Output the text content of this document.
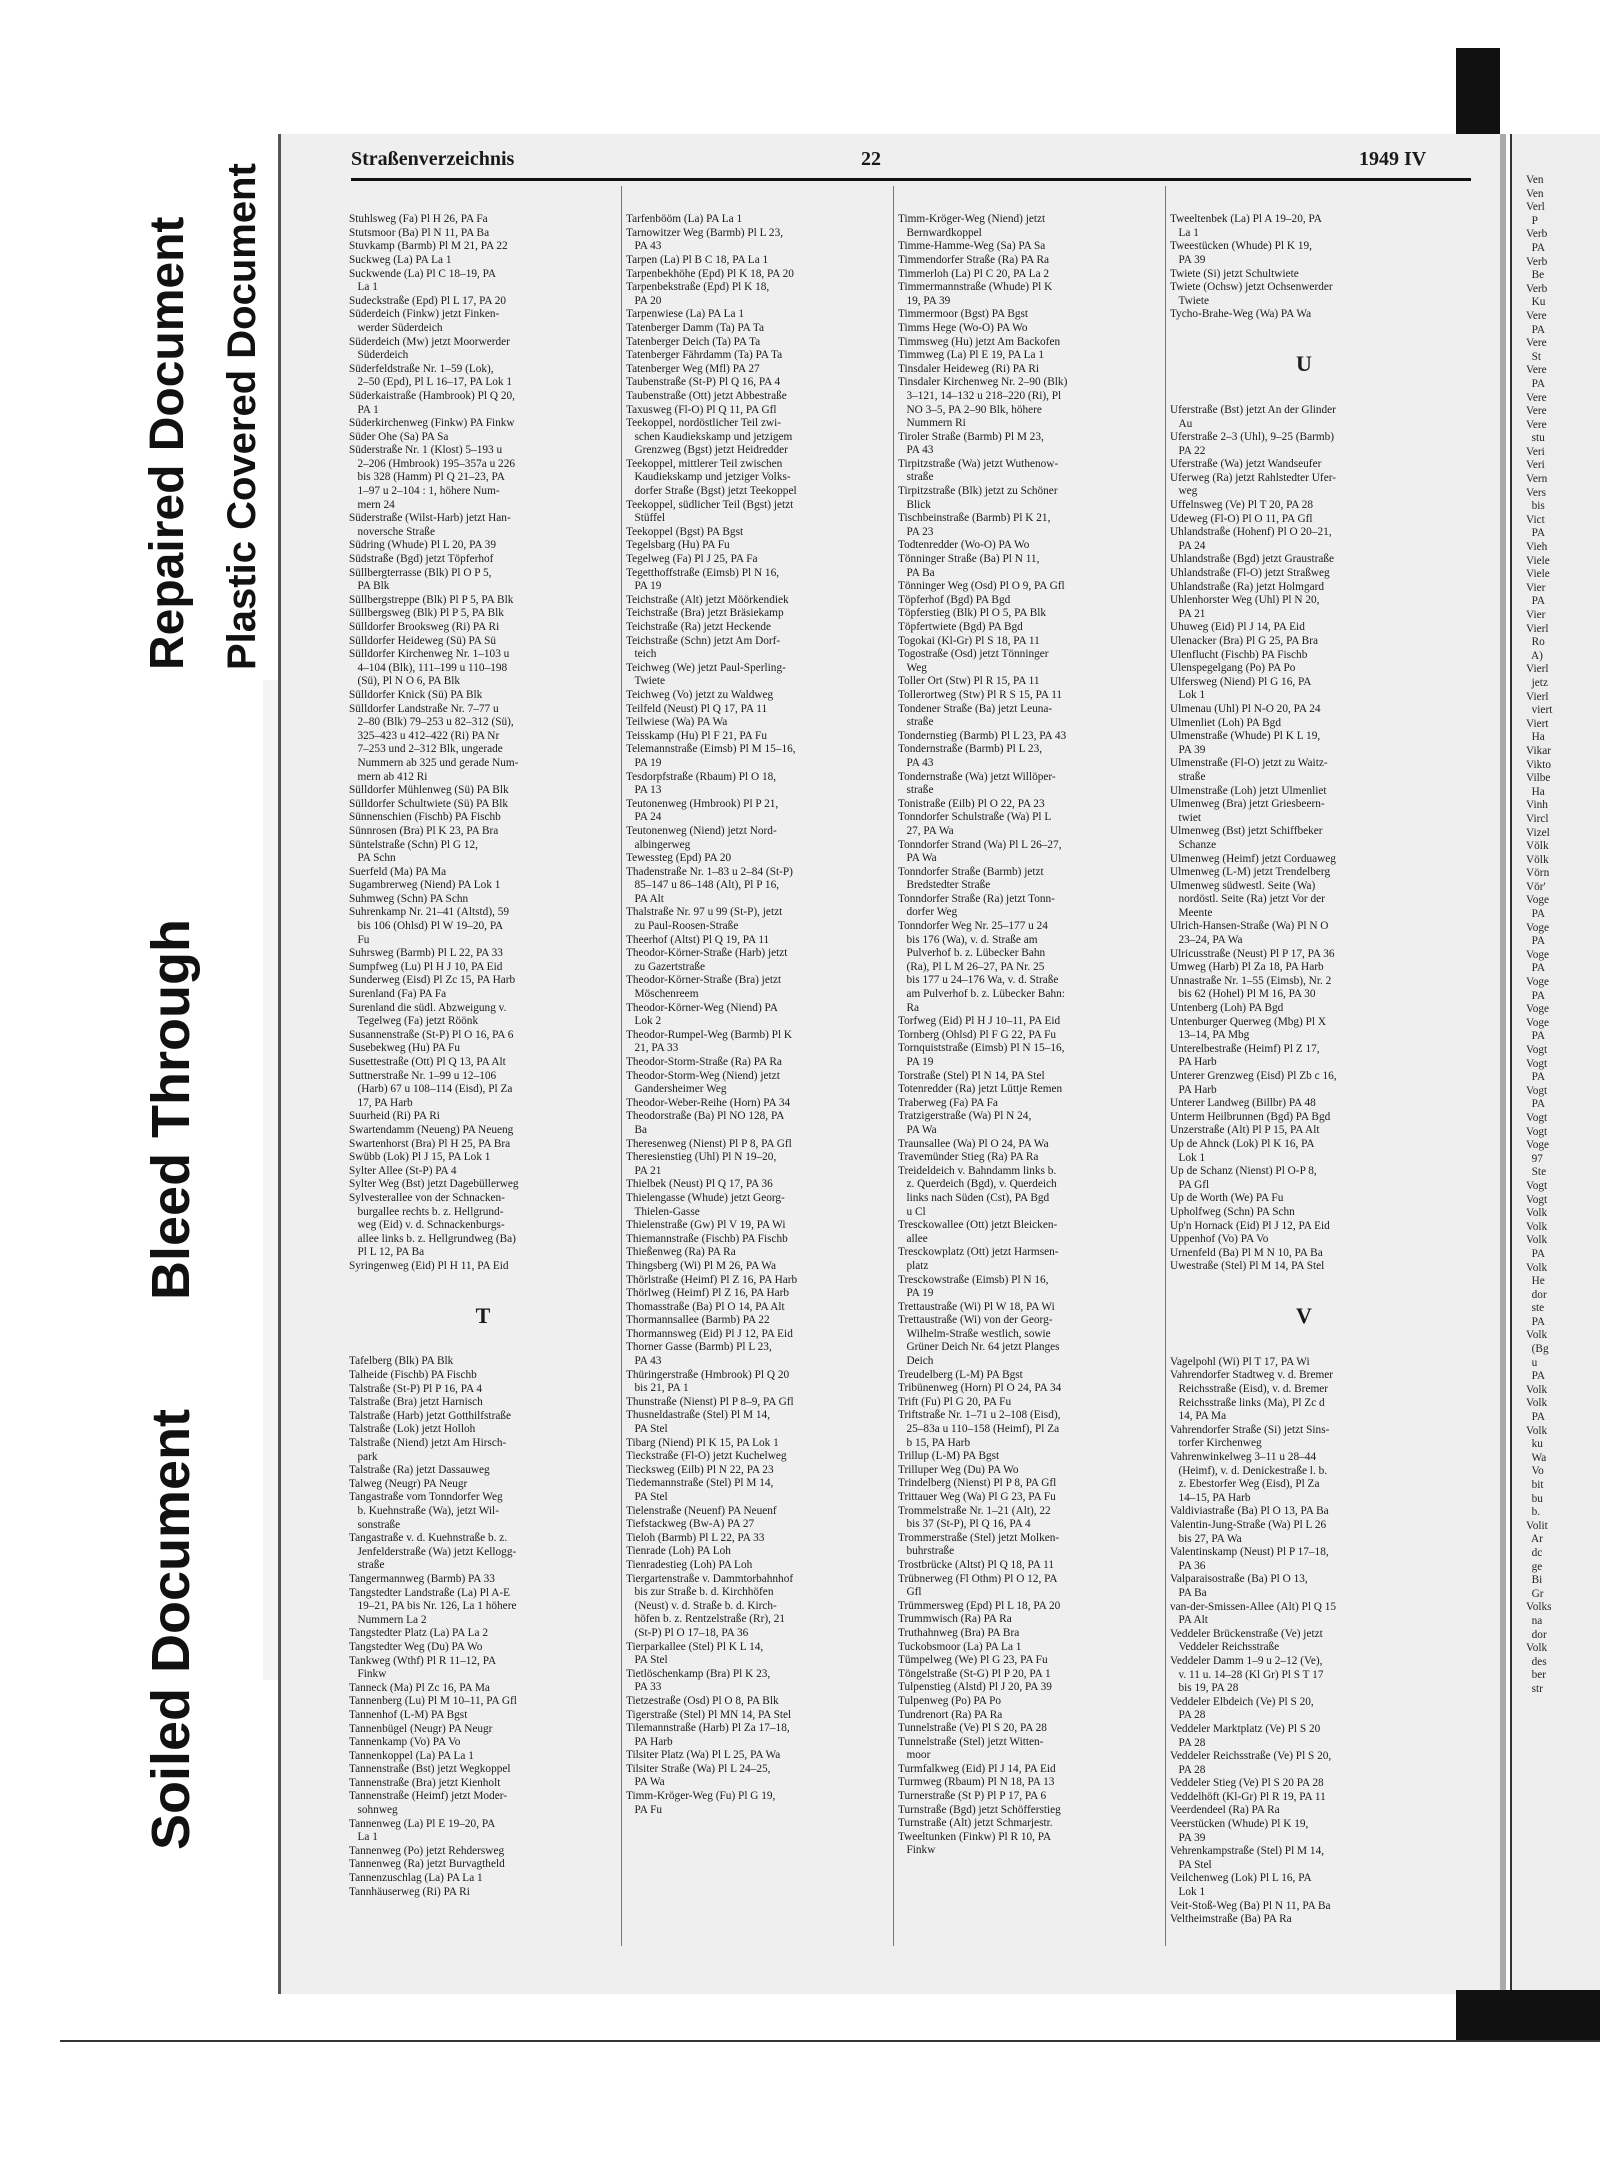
Bleed Through
Repaired Document Plastic Covered Document
Soiled Document
Straßenverzeichnis	22	1949 IV

Stuhlsweg (Fa) Pl H 26, PA Fa
Stutsmoor (Ba) Pl N 11, PA Ba
Stuvkamp (Barmb) Pl M 21, PA 22
Suckweg (La) PA La 1
Suckwende (La) Pl C 18–19, PA
La 1
Sudeckstraße (Epd) Pl L 17, PA 20
Süderdeich (Finkw) jetzt Finken-
werder Süderdeich
Süderdeich (Mw) jetzt Moorwerder
Süderdeich
Süderfeldstraße Nr. 1–59 (Lok),
2–50 (Epd), Pl L 16–17, PA Lok 1
Süderkaistraße (Hambrook) Pl Q 20,
PA 1
Süderkirchenweg (Finkw) PA Finkw
Süder Ohe (Sa) PA Sa
Süderstraße Nr. 1 (Klost) 5–193 u
2–206 (Hmbrook) 195–357a u 226
bis 328 (Hamm) Pl Q 21–23, PA
1–97 u 2–104 : 1, höhere Num-
mern 24
Süderstraße (Wilst-Harb) jetzt Han-
noversche Straße
Südring (Whude) Pl L 20, PA 39
Südstraße (Bgd) jetzt Töpferhof
Süllbergterrasse (Blk) Pl O P 5,
PA Blk
Süllbergstreppe (Blk) Pl P 5, PA Blk
Süllbergsweg (Blk) Pl P 5, PA Blk
Sülldorfer Brooksweg (Ri) PA Ri
Sülldorfer Heideweg (Sü) PA Sü
Sülldorfer Kirchenweg Nr. 1–103 u
4–104 (Blk), 111–199 u 110–198
(Sü), Pl N O 6, PA Blk
Sülldorfer Knick (Sü) PA Blk
Sülldorfer Landstraße Nr. 7–77 u
2–80 (Blk) 79–253 u 82–312 (Sü),
325–423 u 412–422 (Ri) PA Nr
7–253 und 2–312 Blk, ungerade
Nummern ab 325 und gerade Num-
mern ab 412 Ri
Sülldorfer Mühlenweg (Sü) PA Blk
Sülldorfer Schultwiete (Sü) PA Blk
Sünnenschien (Fischb) PA Fischb
Sünnrosen (Bra) Pl K 23, PA Bra
Süntelstraße (Schn) Pl G 12,
PA Schn
Suerfeld (Ma) PA Ma
Sugambrerweg (Niend) PA Lok 1
Suhmweg (Schn) PA Schn
Suhrenkamp Nr. 21–41 (Altstd), 59
bis 106 (Ohlsd) Pl W 19–20, PA
Fu
Suhrsweg (Barmb) Pl L 22, PA 33
Sumpfweg (Lu) Pl H J 10, PA Eid
Sunderweg (Eisd) Pl Zc 15, PA Harb
Surenland (Fa) PA Fa
Surenland die südl. Abzweigung v.
Tegelweg (Fa) jetzt Röönk
Susannenstraße (St-P) Pl O 16, PA 6
Susebekweg (Hu) PA Fu
Susettestraße (Ott) Pl Q 13, PA Alt
Suttnerstraße Nr. 1–99 u 12–106
(Harb) 67 u 108–114 (Eisd), Pl Za
17, PA Harb
Suurheid (Ri) PA Ri
Swartendamm (Neueng) PA Neueng
Swartenhorst (Bra) Pl H 25, PA Bra
Swübb (Lok) Pl J 15, PA Lok 1
Sylter Allee (St-P) PA 4
Sylter Weg (Bst) jetzt Dagebüllerweg
Sylvesterallee von der Schnacken-
burgallee rechts b. z. Hellgrund-
weg (Eid) v. d. Schnackenburgs-
allee links b. z. Hellgrundweg (Ba)
Pl L 12, PA Ba
Syringenweg (Eid) Pl H 11, PA Eid

T

Tafelberg (Blk) PA Blk
Talheide (Fischb) PA Fischb
Talstraße (St-P) Pl P 16, PA 4
Talstraße (Bra) jetzt Harnisch
Talstraße (Harb) jetzt Gotthilfstraße
Talstraße (Lok) jetzt Holloh
Talstraße (Niend) jetzt Am Hirsch-
park
Talstraße (Ra) jetzt Dassauweg
Talweg (Neugr) PA Neugr
Tangastraße vom Tonndorfer Weg
b. Kuehnstraße (Wa), jetzt Wil-
sonstraße
Tangastraße v. d. Kuehnstraße b. z.
Jenfelderstraße (Wa) jetzt Kellogg-
straße
Tangermannweg (Barmb) PA 33
Tangstedter Landstraße (La) Pl A-E
19–21, PA bis Nr. 126, La 1 höhere
Nummern La 2
Tangstedter Platz (La) PA La 2
Tangstedter Weg (Du) PA Wo
Tankweg (Wthf) Pl R 11–12, PA
Finkw
Tanneck (Ma) Pl Zc 16, PA Ma
Tannenberg (Lu) Pl M 10–11, PA Gfl
Tannenhof (L-M) PA Bgst
Tannenbügel (Neugr) PA Neugr
Tannenkamp (Vo) PA Vo
Tannenkoppel (La) PA La 1
Tannenstraße (Bst) jetzt Wegkoppel
Tannenstraße (Bra) jetzt Kienholt
Tannenstraße (Heimf) jetzt Moder-
sohnweg
Tannenweg (La) Pl E 19–20, PA
La 1
Tannenweg (Po) jetzt Rehdersweg
Tannenweg (Ra) jetzt Burvagtheld
Tannenzuschlag (La) PA La 1
Tannhäuserweg (Ri) PA Ri

Tarfenbööm (La) PA La 1
Tarnowitzer Weg (Barmb) Pl L 23,
PA 43
Tarpen (La) Pl B C 18, PA La 1
Tarpenbekhöhe (Epd) Pl K 18, PA 20
Tarpenbekstraße (Epd) Pl K 18,
PA 20
Tarpenwiese (La) PA La 1
Tatenberger Damm (Ta) PA Ta
Tatenberger Deich (Ta) PA Ta
Tatenberger Fährdamm (Ta) PA Ta
Tatenberger Weg (Mfl) PA 27
Taubenstraße (St-P) Pl Q 16, PA 4
Taubenstraße (Ott) jetzt Abbestraße
Taxusweg (Fl-O) Pl Q 11, PA Gfl
Teekoppel, nordöstlicher Teil zwi-
schen Kaudiekskamp und jetzigem
Grenzweg (Bgst) jetzt Heidredder
Teekoppel, mittlerer Teil zwischen
Kaudiekskamp und jetziger Volks-
dorfer Straße (Bgst) jetzt Teekoppel
Teekoppel, südlicher Teil (Bgst) jetzt
Stüffel
Teekoppel (Bgst) PA Bgst
Tegelsbarg (Hu) PA Fu
Tegelweg (Fa) Pl J 25, PA Fa
Tegetthoffstraße (Eimsb) Pl N 16,
PA 19
Teichstraße (Alt) jetzt Möörkendiek
Teichstraße (Bra) jetzt Bräsiekamp
Teichstraße (Ra) jetzt Heckende
Teichstraße (Schn) jetzt Am Dorf-
teich
Teichweg (We) jetzt Paul-Sperling-
Twiete
Teichweg (Vo) jetzt zu Waldweg
Teilfeld (Neust) Pl Q 17, PA 11
Teilwiese (Wa) PA Wa
Teisskamp (Hu) Pl F 21, PA Fu
Telemannstraße (Eimsb) Pl M 15–16,
PA 19
Tesdorpfstraße (Rbaum) Pl O 18,
PA 13
Teutonenweg (Hmbrook) Pl P 21,
PA 24
Teutonenweg (Niend) jetzt Nord-
albingerweg
Tewessteg (Epd) PA 20
Thadenstraße Nr. 1–83 u 2–84 (St-P)
85–147 u 86–148 (Alt), Pl P 16,
PA Alt
Thalstraße Nr. 97 u 99 (St-P), jetzt
zu Paul-Roosen-Straße
Theerhof (Altst) Pl Q 19, PA 11
Theodor-Körner-Straße (Harb) jetzt
zu Gazertstraße
Theodor-Körner-Straße (Bra) jetzt
Möschenreem
Theodor-Körner-Weg (Niend) PA
Lok 2
Theodor-Rumpel-Weg (Barmb) Pl K
21, PA 33
Theodor-Storm-Straße (Ra) PA Ra
Theodor-Storm-Weg (Niend) jetzt
Gandersheimer Weg
Theodor-Weber-Reihe (Horn) PA 34
Theodorstraße (Ba) Pl NO 128, PA
Ba
Theresenweg (Nienst) Pl P 8, PA Gfl
Theresienstieg (Uhl) Pl N 19–20,
PA 21
Thielbek (Neust) Pl Q 17, PA 36
Thielengasse (Whude) jetzt Georg-
Thielen-Gasse
Thielenstraße (Gw) Pl V 19, PA Wi
Thiemannstraße (Fischb) PA Fischb
Thießenweg (Ra) PA Ra
Thingsberg (Wi) Pl M 26, PA Wa
Thörlstraße (Heimf) Pl Z 16, PA Harb
Thörlweg (Heimf) Pl Z 16, PA Harb
Thomasstraße (Ba) Pl O 14, PA Alt
Thormannsallee (Barmb) PA 22
Thormannsweg (Eid) Pl J 12, PA Eid
Thorner Gasse (Barmb) Pl L 23,
PA 43
Thüringerstraße (Hmbrook) Pl Q 20
bis 21, PA 1
Thunstraße (Nienst) Pl P 8–9, PA Gfl
Thusneldastraße (Stel) Pl M 14,
PA Stel
Tibarg (Niend) Pl K 15, PA Lok 1
Tieckstraße (Fl-O) jetzt Kuchelweg
Tiecksweg (Eilb) Pl N 22, PA 23
Tiedemannstraße (Stel) Pl M 14,
PA Stel
Tielenstraße (Neuenf) PA Neuenf
Tiefstackweg (Bw-A) PA 27
Tieloh (Barmb) Pl L 22, PA 33
Tienrade (Loh) PA Loh
Tienradestieg (Loh) PA Loh
Tiergartenstraße v. Dammtorbahnhof
bis zur Straße b. d. Kirchhöfen
(Neust) v. d. Straße b. d. Kirch-
höfen b. z. Rentzelstraße (Rr), 21
(St-P) Pl O 17–18, PA 36
Tierparkallee (Stel) Pl K L 14,
PA Stel
Tietlöschenkamp (Bra) Pl K 23,
PA 33
Tietzestraße (Osd) Pl O 8, PA Blk
Tigerstraße (Stel) Pl MN 14, PA Stel
Tilemannstraße (Harb) Pl Za 17–18,
PA Harb
Tilsiter Platz (Wa) Pl L 25, PA Wa
Tilsiter Straße (Wa) Pl L 24–25,
PA Wa
Timm-Kröger-Weg (Fu) Pl G 19,
PA Fu

Timm-Kröger-Weg (Niend) jetzt
Bernwardkoppel
Timme-Hamme-Weg (Sa) PA Sa
Timmendorfer Straße (Ra) PA Ra
Timmerloh (La) Pl C 20, PA La 2
Timmermannstraße (Whude) Pl K
19, PA 39
Timmermoor (Bgst) PA Bgst
Timms Hege (Wo-O) PA Wo
Timmsweg (Hu) jetzt Am Backofen
Timmweg (La) Pl E 19, PA La 1
Tinsdaler Heideweg (Ri) PA Ri
Tinsdaler Kirchenweg Nr. 2–90 (Blk)
3–121, 14–132 u 218–220 (Ri), Pl
NO 3–5, PA 2–90 Blk, höhere
Nummern Ri
Tiroler Straße (Barmb) Pl M 23,
PA 43
Tirpitzstraße (Wa) jetzt Wuthenow-
straße
Tirpitzstraße (Blk) jetzt zu Schöner
Blick
Tischbeinstraße (Barmb) Pl K 21,
PA 23
Todtenredder (Wo-O) PA Wo
Tönninger Straße (Ba) Pl N 11,
PA Ba
Tönninger Weg (Osd) Pl O 9, PA Gfl
Töpferhof (Bgd) PA Bgd
Töpferstieg (Blk) Pl O 5, PA Blk
Töpfertwiete (Bgd) PA Bgd
Togokai (Kl-Gr) Pl S 18, PA 11
Togostraße (Osd) jetzt Tönninger
Weg
Toller Ort (Stw) Pl R 15, PA 11
Tollerortweg (Stw) Pl R S 15, PA 11
Tondener Straße (Ba) jetzt Leuna-
straße
Tondernstieg (Barmb) Pl L 23, PA 43
Tondernstraße (Barmb) Pl L 23,
PA 43
Tondernstraße (Wa) jetzt Willöper-
straße
Tonistraße (Eilb) Pl O 22, PA 23
Tonndorfer Schulstraße (Wa) Pl L
27, PA Wa
Tonndorfer Strand (Wa) Pl L 26–27,
PA Wa
Tonndorfer Straße (Barmb) jetzt
Bredstedter Straße
Tonndorfer Straße (Ra) jetzt Tonn-
dorfer Weg
Tonndorfer Weg Nr. 25–177 u 24
bis 176 (Wa), v. d. Straße am
Pulverhof b. z. Lübecker Bahn
(Ra), Pl L M 26–27, PA Nr. 25
bis 177 u 24–176 Wa, v. d. Straße
am Pulverhof b. z. Lübecker Bahn:
Ra
Torfweg (Eid) Pl H J 10–11, PA Eid
Tornberg (Ohlsd) Pl F G 22, PA Fu
Tornquiststraße (Eimsb) Pl N 15–16,
PA 19
Torstraße (Stel) Pl N 14, PA Stel
Totenredder (Ra) jetzt Lüttje Remen
Traberweg (Fa) PA Fa
Tratzigerstraße (Wa) Pl N 24,
PA Wa
Traunsallee (Wa) Pl O 24, PA Wa
Travemünder Stieg (Ra) PA Ra
Treideldeich v. Bahndamm links b.
z. Querdeich (Bgd), v. Querdeich
links nach Süden (Cst), PA Bgd
u Cl
Tresckowallee (Ott) jetzt Bleicken-
allee
Tresckowplatz (Ott) jetzt Harmsen-
platz
Tresckowstraße (Eimsb) Pl N 16,
PA 19
Trettaustraße (Wi) Pl W 18, PA Wi
Trettaustraße (Wi) von der Georg-
Wilhelm-Straße westlich, sowie
Grüner Deich Nr. 64 jetzt Planges
Deich
Treudelberg (L-M) PA Bgst
Tribünenweg (Horn) Pl O 24, PA 34
Trift (Fu) Pl G 20, PA Fu
Triftstraße Nr. 1–71 u 2–108 (Eisd),
25–83a u 110–158 (Heimf), Pl Za
b 15, PA Harb
Trillup (L-M) PA Bgst
Trilluper Weg (Du) PA Wo
Trindelberg (Nienst) Pl P 8, PA Gfl
Trittauer Weg (Wa) Pl G 23, PA Fu
Trommelstraße Nr. 1–21 (Alt), 22
bis 37 (St-P), Pl Q 16, PA 4
Trommerstraße (Stel) jetzt Molken-
buhrstraße
Trostbrücke (Altst) Pl Q 18, PA 11
Trübnerweg (Fl Othm) Pl O 12, PA
Gfl
Trümmersweg (Epd) Pl L 18, PA 20
Trummwisch (Ra) PA Ra
Truthahnweg (Bra) PA Bra
Tuckobsmoor (La) PA La 1
Tümpelweg (We) Pl G 23, PA Fu
Töngelstraße (St-G) Pl P 20, PA 1
Tulpenstieg (Alstd) Pl J 20, PA 39
Tulpenweg (Po) PA Po
Tundrenort (Ra) PA Ra
Tunnelstraße (Ve) Pl S 20, PA 28
Tunnelstraße (Stel) jetzt Witten-
moor
Turmfalkweg (Eid) Pl J 14, PA Eid
Turmweg (Rbaum) Pl N 18, PA 13
Turnerstraße (St P) Pl P 17, PA 6
Turnstraße (Bgd) jetzt Schöfferstieg
Turnstraße (Alt) jetzt Schmarjestr.
Tweeltunken (Finkw) Pl R 10, PA
Finkw

Tweeltenbek (La) Pl A 19–20, PA
La 1
Tweestücken (Whude) Pl K 19,
PA 39
Twiete (Si) jetzt Schultwiete
Twiete (Ochsw) jetzt Ochsenwerder
Twiete
Tycho-Brahe-Weg (Wa) PA Wa

U

Uferstraße (Bst) jetzt An der Glinder
Au
Uferstraße 2–3 (Uhl), 9–25 (Barmb)
PA 22
Uferstraße (Wa) jetzt Wandseufer
Uferweg (Ra) jetzt Rahlstedter Ufer-
weg
Uffelnsweg (Ve) Pl T 20, PA 28
Udeweg (Fl-O) Pl O 11, PA Gfl
Uhlandstraße (Hohenf) Pl O 20–21,
PA 24
Uhlandstraße (Bgd) jetzt Graustraße
Uhlandstraße (Fl-O) jetzt Straßweg
Uhlandstraße (Ra) jetzt Holmgard
Uhlenhorster Weg (Uhl) Pl N 20,
PA 21
Uhuweg (Eid) Pl J 14, PA Eid
Ulenacker (Bra) Pl G 25, PA Bra
Ulenflucht (Fischb) PA Fischb
Ulenspegelgang (Po) PA Po
Ulfersweg (Niend) Pl G 16, PA
Lok 1
Ulmenau (Uhl) Pl N-O 20, PA 24
Ulmenliet (Loh) PA Bgd
Ulmenstraße (Whude) Pl K L 19,
PA 39
Ulmenstraße (Fl-O) jetzt zu Waitz-
straße
Ulmenstraße (Loh) jetzt Ulmenliet
Ulmenweg (Bra) jetzt Griesbeern-
twiet
Ulmenweg (Bst) jetzt Schiffbeker
Schanze
Ulmenweg (Heimf) jetzt Corduaweg
Ulmenweg (L-M) jetzt Trendelberg
Ulmenweg südwestl. Seite (Wa)
nordöstl. Seite (Ra) jetzt Vor der
Meente
Ulrich-Hansen-Straße (Wa) Pl N O
23–24, PA Wa
Ulricusstraße (Neust) Pl P 17, PA 36
Umweg (Harb) Pl Za 18, PA Harb
Unnastraße Nr. 1–55 (Eimsb), Nr. 2
bis 62 (Hohel) Pl M 16, PA 30
Untenberg (Loh) PA Bgd
Untenburger Querweg (Mbg) Pl X
13–14, PA Mbg
Unterelbestraße (Heimf) Pl Z 17,
PA Harb
Unterer Grenzweg (Eisd) Pl Zb c 16,
PA Harb
Unterer Landweg (Billbr) PA 48
Unterm Heilbrunnen (Bgd) PA Bgd
Unzerstraße (Alt) Pl P 15, PA Alt
Up de Ahnck (Lok) Pl K 16, PA
Lok 1
Up de Schanz (Nienst) Pl O-P 8,
PA Gfl
Up de Worth (We) PA Fu
Upholfweg (Schn) PA Schn
Up'n Hornack (Eid) Pl J 12, PA Eid
Uppenhof (Vo) PA Vo
Urnenfeld (Ba) Pl M N 10, PA Ba
Uwestraße (Stel) Pl M 14, PA Stel

V

Vagelpohl (Wi) Pl T 17, PA Wi
Vahrendorfer Stadtweg v. d. Bremer
Reichsstraße (Eisd), v. d. Bremer
Reichsstraße links (Ma), Pl Zc d
14, PA Ma
Vahrendorfer Straße (Si) jetzt Sins-
torfer Kirchenweg
Vahrenwinkelweg 3–11 u 28–44
(Heimf), v. d. Denickestraße l. b.
z. Ebestorfer Weg (Eisd), Pl Za
14–15, PA Harb
Valdiviastraße (Ba) Pl O 13, PA Ba
Valentin-Jung-Straße (Wa) Pl L 26
bis 27, PA Wa
Valentinskamp (Neust) Pl P 17–18,
PA 36
Valparaisostraße (Ba) Pl O 13,
PA Ba
van-der-Smissen-Allee (Alt) Pl Q 15
PA Alt
Veddeler Brückenstraße (Ve) jetzt
Veddeler Reichsstraße
Veddeler Damm 1–9 u 2–12 (Ve),
v. 11 u. 14–28 (Kl Gr) Pl S T 17
bis 19, PA 28
Veddeler Elbdeich (Ve) Pl S 20,
PA 28
Veddeler Marktplatz (Ve) Pl S 20
PA 28
Veddeler Reichsstraße (Ve) Pl S 20,
PA 28
Veddeler Stieg (Ve) Pl S 20 PA 28
Veddelhöft (Kl-Gr) Pl R 19, PA 11
Veerdendeel (Ra) PA Ra
Veerstücken (Whude) Pl K 19,
PA 39
Vehrenkampstraße (Stel) Pl M 14,
PA Stel
Veilchenweg (Lok) Pl L 16, PA
Lok 1
Veit-Stoß-Weg (Ba) Pl N 11, PA Ba
Veltheimstraße (Ba) PA Ra

Ven
Ven
Verl
P
Verb
PA
Verb
Be
Verb
Ku
Vere
PA
Vere
St
Vere
PA
Vere
Vere
Vere
stu
Veri
Veri
Vern
Vers
bis
Vict
PA
Vieh
Viele
Viele
Vier
PA
Vier
Vierl
Ro
A)
Vierl
jetz
Vierl
viert
Viert
Ha
Vikar
Vikto
Vilbe
Ha
Vinh
Vircl
Vizel
Völk
Völk
Vörn
Vör'
Voge
PA
Voge
PA
Voge
PA
Voge
PA
Voge
Voge
PA
Vogt
Vogt
PA
Vogt
PA
Vogt
Vogt
Voge
97
Ste
Vogt
Vogt
Volk
Volk
Volk
PA
Volk
He
dor
ste
PA
Volk
(Bg
u
PA
Volk
Volk
PA
Volk
ku
Wa
Vo
bit
bu
b.
Volit
Ar
dc
ge
Bi
Gr
Volks
na
dor
Volk
des
ber
str
